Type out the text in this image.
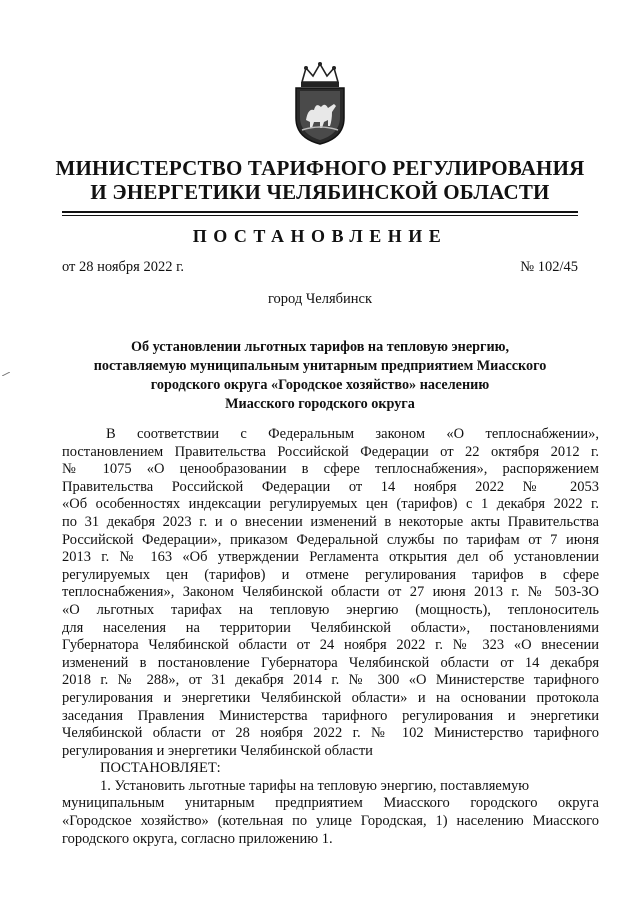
МИНИСТЕРСТВО ТАРИФНОГО РЕГУЛИРОВАНИЯ
И ЭНЕРГЕТИКИ ЧЕЛЯБИНСКОЙ ОБЛАСТИ
ПОСТАНОВЛЕНИЕ
от 28 ноября 2022 г.	№ 102/45
город Челябинск
Об установлении льготных тарифов на тепловую энергию,
поставляемую муниципальным унитарным предприятием Миасского
городского округа «Городское хозяйство» населению
Миасского городского округа
В соответствии с Федеральным законом «О теплоснабжении»,
постановлением Правительства Российской Федерации от 22 октября 2012 г.
№ 1075 «О ценообразовании в сфере теплоснабжения», распоряжением
Правительства Российской Федерации от 14 ноября 2022 № 2053
«Об особенностях индексации регулируемых цен (тарифов) с 1 декабря 2022 г.
по 31 декабря 2023 г. и о внесении изменений в некоторые акты Правительства
Российской Федерации», приказом Федеральной службы по тарифам от 7 июня
2013 г. № 163 «Об утверждении Регламента открытия дел об установлении
регулируемых цен (тарифов) и отмене регулирования тарифов в сфере
теплоснабжения», Законом Челябинской области от 27 июня 2013 г. № 503-ЗО
«О льготных тарифах на тепловую энергию (мощность), теплоноситель
для населения на территории Челябинской области», постановлениями
Губернатора Челябинской области от 24 ноября 2022 г. № 323 «О внесении
изменений в постановление Губернатора Челябинской области от 14 декабря
2018 г. № 288», от 31 декабря 2014 г. № 300 «О Министерстве тарифного
регулирования и энергетики Челябинской области» и на основании протокола
заседания Правления Министерства тарифного регулирования и энергетики
Челябинской области от 28 ноября 2022 г. № 102 Министерство тарифного
регулирования и энергетики Челябинской области
ПОСТАНОВЛЯЕТ:
1. Установить льготные тарифы на тепловую энергию, поставляемую
муниципальным унитарным предприятием Миасского городского округа
«Городское хозяйство» (котельная по улице Городская, 1) населению Миасского
городского округа, согласно приложению 1.
